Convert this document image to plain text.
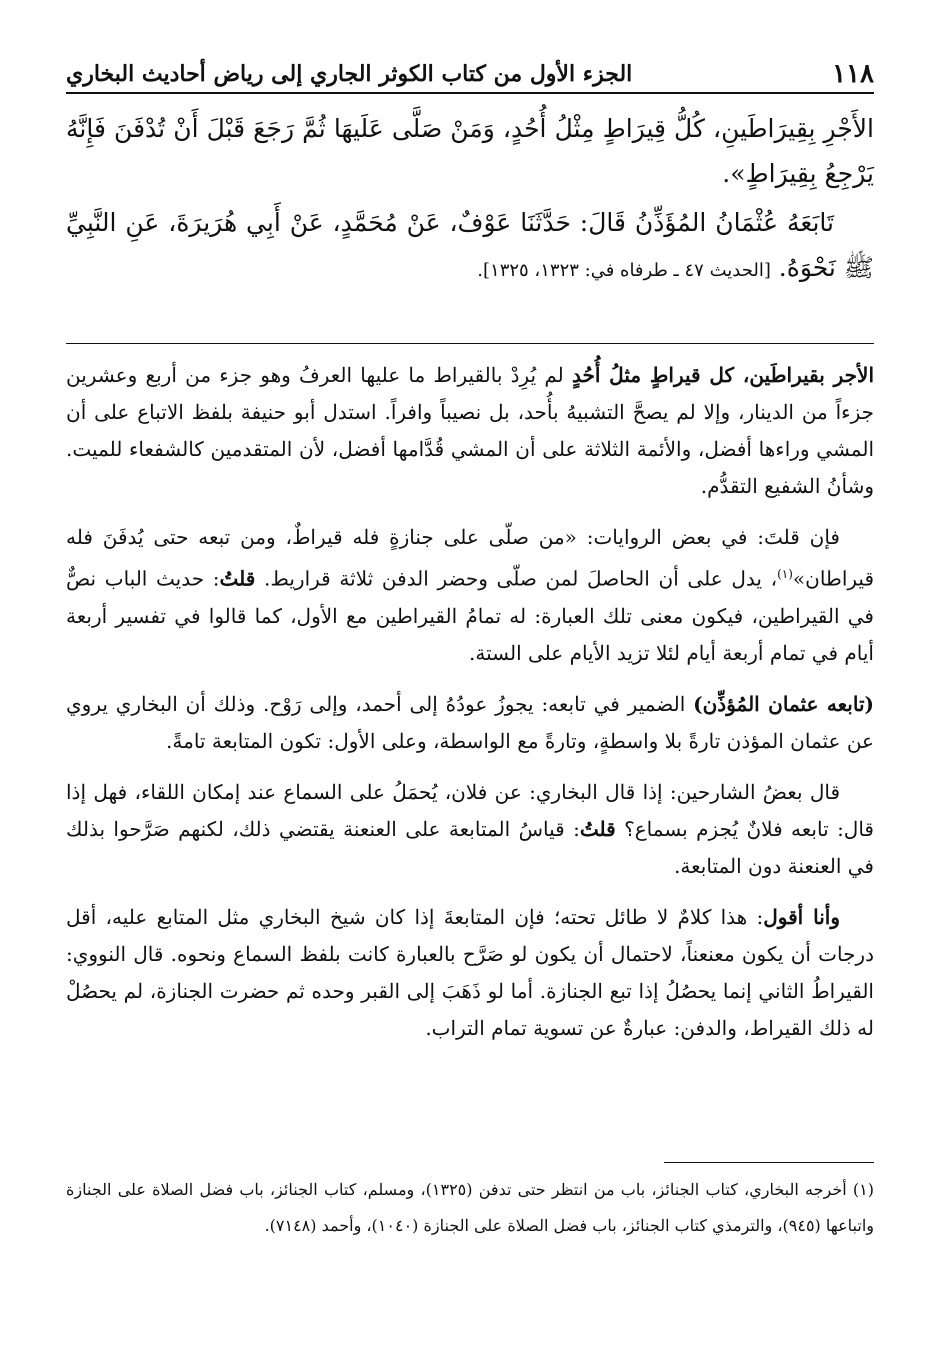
١١٨
الجزء الأول من كتاب الكوثر الجاري إلى رياض أحاديث البخاري

الأَجْرِ بِقِيرَاطَينِ، كُلُّ قِيرَاطٍ مِثْلُ أُحُدٍ، وَمَنْ صَلَّى عَلَيهَا ثُمَّ رَجَعَ قَبْلَ أَنْ تُدْفَنَ فَإِنَّهُ يَرْجِعُ بِقِيرَاطٍ».

تَابَعَهُ عُثْمَانُ المُؤَذِّنُ قَالَ: حَدَّثَنَا عَوْفٌ، عَنْ مُحَمَّدٍ، عَنْ أَبِي هُرَيرَةَ، عَنِ النَّبِيِّ ﷺ نَحْوَهُ. [الحديث ٤٧ ـ طرفاه في: ١٣٢٣، ١٣٢٥].

الأجر بقيراطَين، كل قيراطٍ مثلُ أُحُدٍ لم يُرِدْ بالقيراط ما عليها العرفُ وهو جزء من أربع وعشرين جزءاً من الدينار، وإلا لم يصحَّ التشبيهُ بأُحد، بل نصيباً وافراً. استدل أبو حنيفة بلفظ الاتباع على أن المشي وراءها أفضل، والأئمة الثلاثة على أن المشي قُدَّامها أفضل، لأن المتقدمين كالشفعاء للميت. وشأنُ الشفيع التقدُّم.

فإن قلتَ: في بعض الروايات: «من صلّى على جنازةٍ فله قيراطٌ، ومن تبعه حتى يُدفَنَ فله قيراطان»$^{(١)}$، يدل على أن الحاصلَ لمن صلّى وحضر الدفن ثلاثة قراريط. قلتُ: حديث الباب نصٌّ في القيراطين، فيكون معنى تلك العبارة: له تمامُ القيراطين مع الأول، كما قالوا في تفسير أربعة أيام في تمام أربعة أيام لئلا تزيد الأيام على الستة.

(تابعه عثمان المُؤذِّن) الضمير في تابعه: يجوزُ عودُهُ إلى أحمد، وإلى رَوْح. وذلك أن البخاري يروي عن عثمان المؤذن تارةً بلا واسطةٍ، وتارةً مع الواسطة، وعلى الأول: تكون المتابعة تامةً.

قال بعضُ الشارحين: إذا قال البخاري: عن فلان، يُحمَلُ على السماع عند إمكان اللقاء، فهل إذا قال: تابعه فلانٌ يُجزم بسماع؟ قلتُ: قياسُ المتابعة على العنعنة يقتضي ذلك، لكنهم صَرَّحوا بذلك في العنعنة دون المتابعة.

وأنا أقول: هذا كلامٌ لا طائل تحته؛ فإن المتابعةَ إذا كان شيخ البخاري مثل المتابع عليه، أقل درجات أن يكون معنعناً، لاحتمال أن يكون لو صَرَّح بالعبارة كانت بلفظ السماع ونحوه. قال النووي: القيراطُ الثاني إنما يحصُلُ إذا تبع الجنازة. أما لو ذَهَبَ إلى القبر وحده ثم حضرت الجنازة، لم يحصُلْ له ذلك القيراط، والدفن: عبارةٌ عن تسوية تمام التراب.

(١) أخرجه البخاري، كتاب الجنائز، باب من انتظر حتى تدفن (١٣٢٥)، ومسلم، كتاب الجنائز، باب فضل الصلاة على الجنازة واتباعها (٩٤٥)، والترمذي كتاب الجنائز، باب فضل الصلاة على الجنازة (١٠٤٠)، وأحمد (٧١٤٨).
